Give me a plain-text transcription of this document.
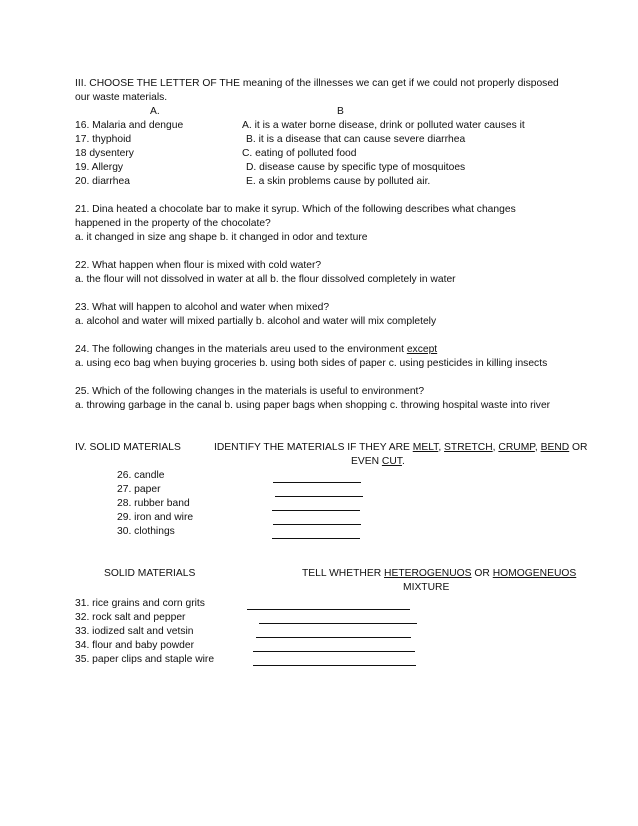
III. CHOOSE THE LETTER OF THE meaning of the illnesses we can get if we could not properly disposed
our waste materials.
A.	B
16. Malaria and dengue	A. it is a water borne disease, drink or polluted water causes it
17. thyphoid	B. it is a disease that can cause severe diarrhea
18 dysentery	C. eating of polluted food
19. Allergy	D. disease cause by specific type of mosquitoes
20. diarrhea	E. a skin problems cause by polluted air.
21. Dina heated a chocolate bar to make it syrup. Which of the following describes what changes
happened in the property of the chocolate?
a. it changed in size ang shape b. it changed in odor and texture
22. What happen when flour is mixed with cold water?
a. the flour will not dissolved in water at all b. the flour dissolved completely in water
23. What will happen to alcohol and water when mixed?
a. alcohol and water will mixed partially b. alcohol and water will mix completely
24. The following changes in the materials areu used to the environment except
a. using eco bag when buying groceries b. using both sides of paper c. using pesticides in killing insects
25. Which of the following changes in the materials is useful to environment?
a. throwing garbage in the canal b. using paper bags when shopping c. throwing hospital waste into river
IV. SOLID MATERIALS	IDENTIFY THE MATERIALS IF THEY ARE MELT, STRETCH, CRUMP, BEND OR
EVEN CUT.
26. candle
27. paper
28. rubber band
29. iron and wire
30. clothings
SOLID MATERIALS	TELL WHETHER HETEROGENUOS OR HOMOGENEUOS
MIXTURE
31. rice grains and corn grits
32. rock salt and pepper
33. iodized salt and vetsin
34. flour and baby powder
35. paper clips and staple wire
